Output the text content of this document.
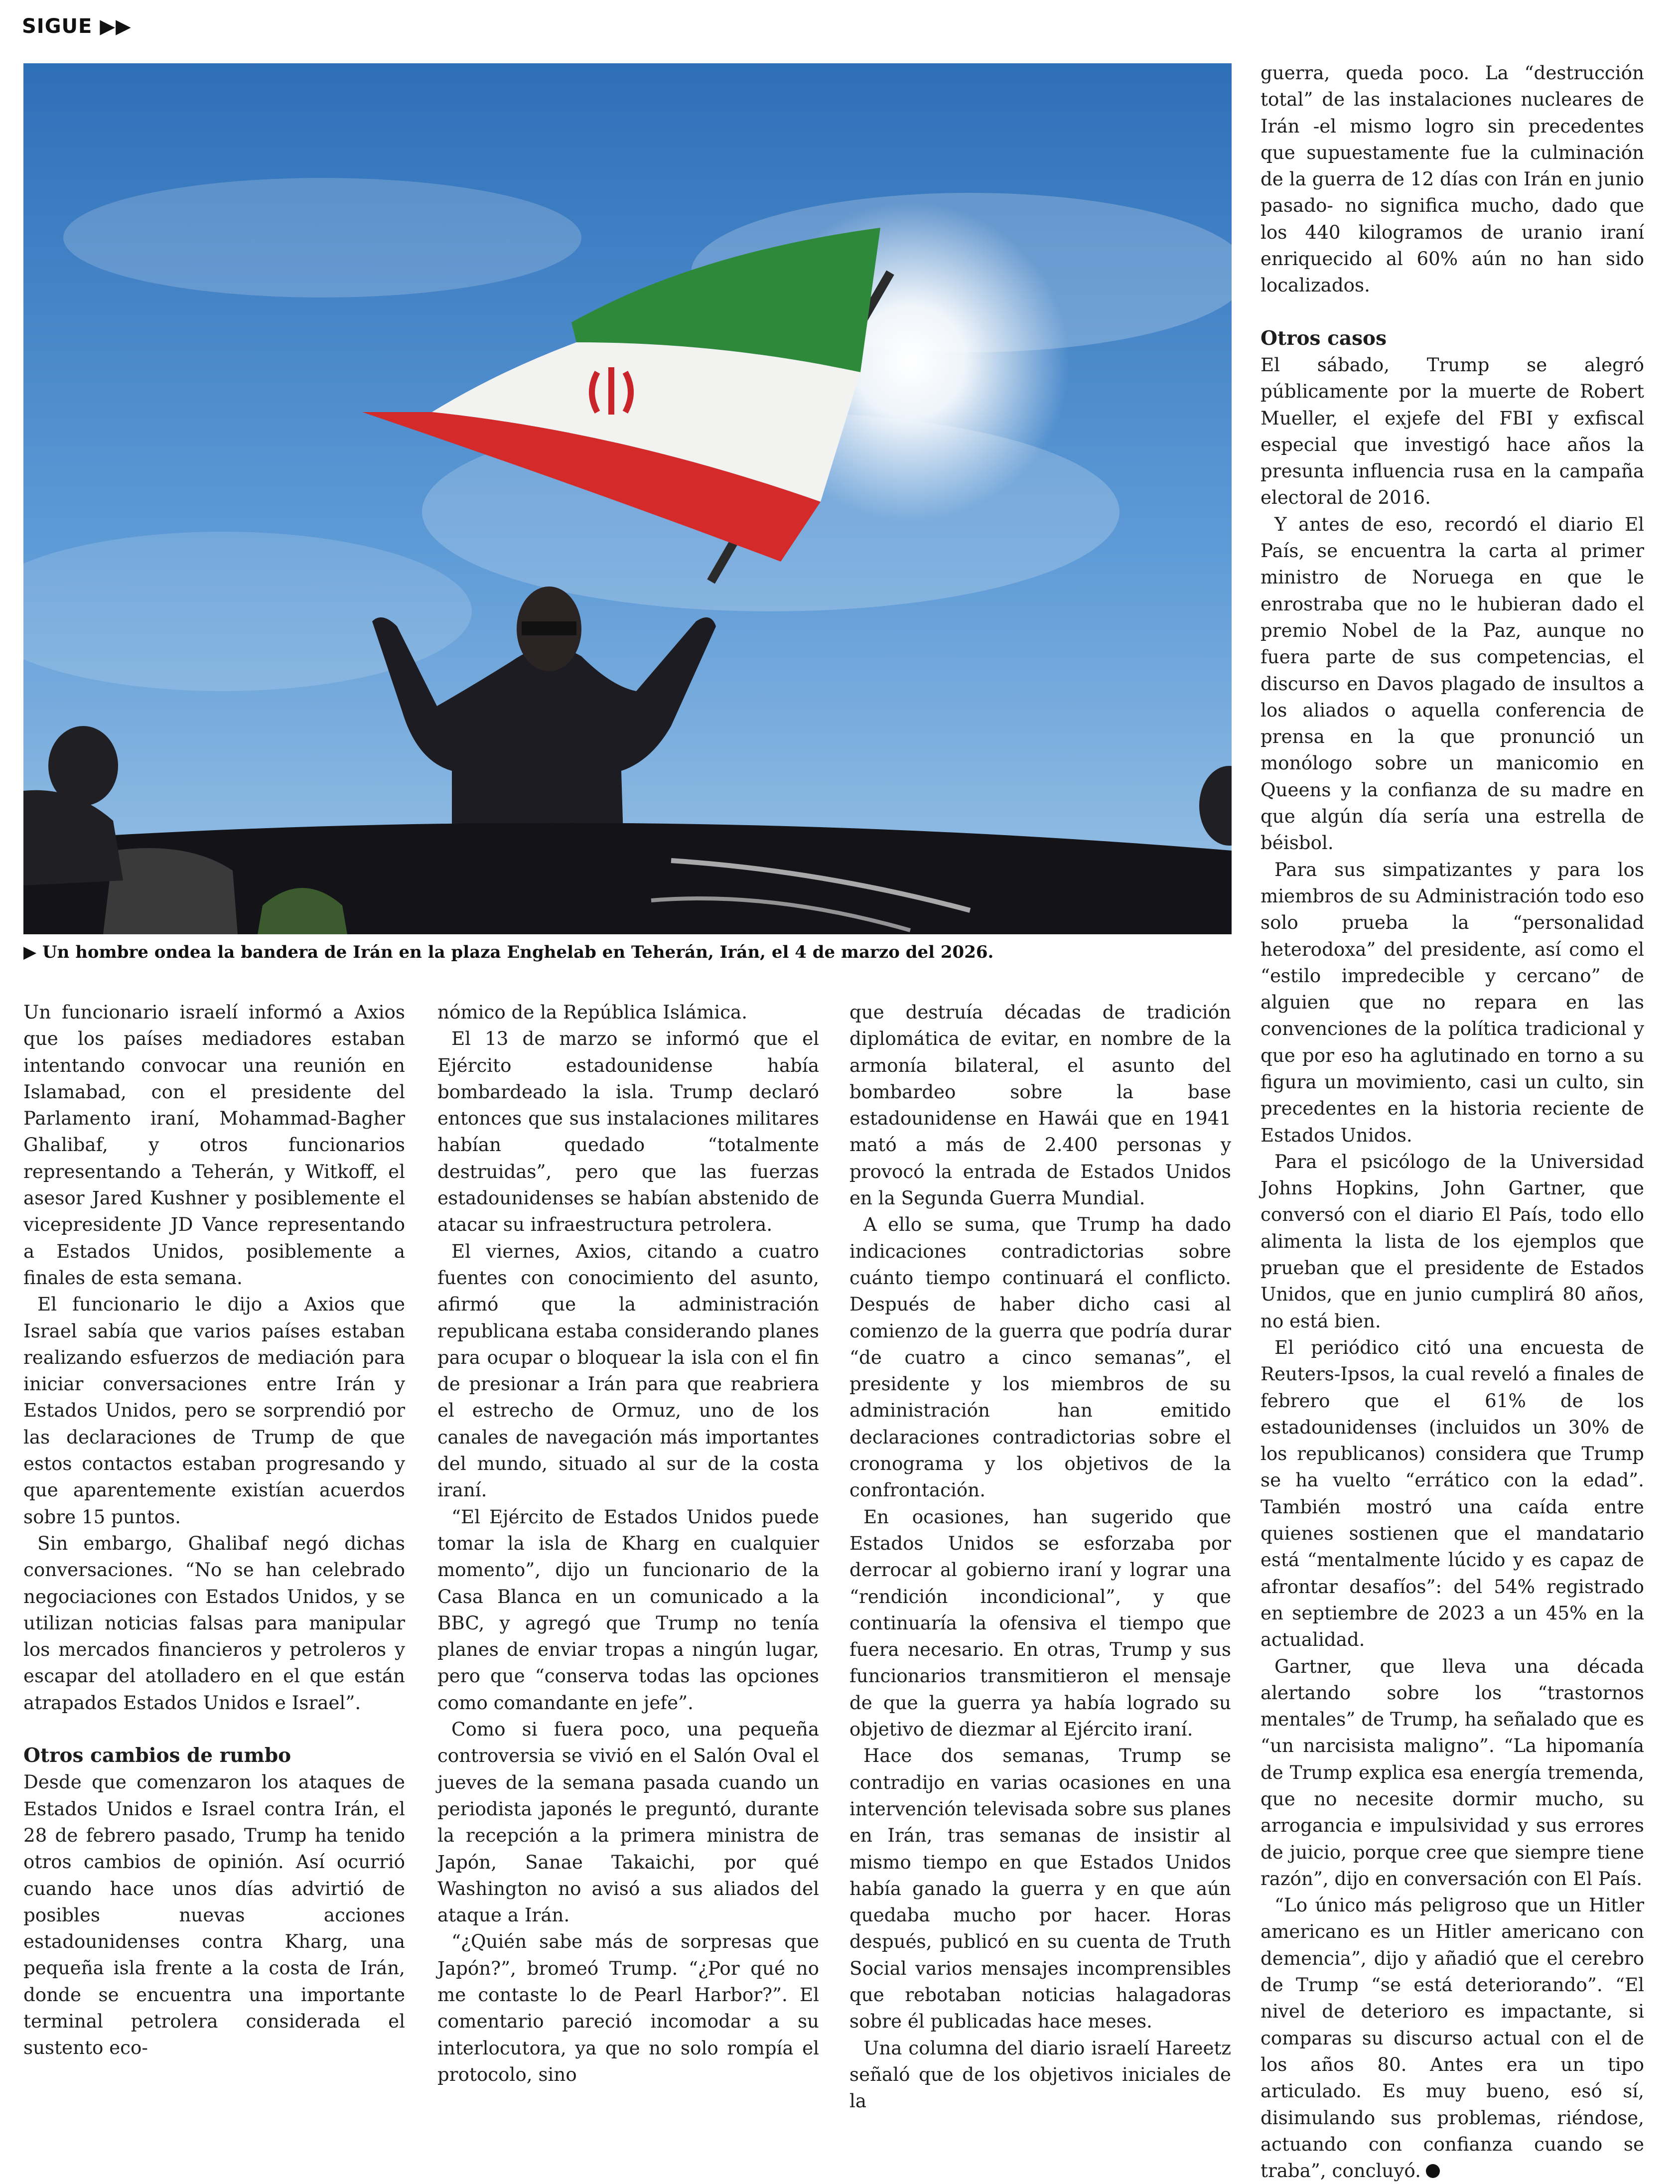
SIGUE ▶▶
▶ Un hombre ondea la bandera de Irán en la plaza Enghelab en Teherán, Irán, el 4 de marzo del 2026.

Un funcionario israelí informó a Axios que los países mediadores estaban intentando convocar una reunión en Islamabad, con el presidente del Parlamento iraní, Mohammad-Bagher Ghalibaf, y otros funcionarios representando a Teherán, y Witkoff, el asesor Jared Kushner y posiblemente el vicepresidente JD Vance representando a Estados Unidos, posiblemente a finales de esta semana.

El funcionario le dijo a Axios que Israel sabía que varios países estaban realizando esfuerzos de mediación para iniciar conversaciones entre Irán y Estados Unidos, pero se sorprendió por las declaraciones de Trump de que estos contactos estaban progresando y que aparentemente existían acuerdos sobre 15 puntos.

Sin embargo, Ghalibaf negó dichas conversaciones. “No se han celebrado negociaciones con Estados Unidos, y se utilizan noticias falsas para manipular los mercados financieros y petroleros y escapar del atolladero en el que están atrapados Estados Unidos e Israel”.

Otros cambios de rumbo

Desde que comenzaron los ataques de Estados Unidos e Israel contra Irán, el 28 de febrero pasado, Trump ha tenido otros cambios de opinión. Así ocurrió cuando hace unos días advirtió de posibles nuevas acciones estadounidenses contra Kharg, una pequeña isla frente a la costa de Irán, donde se encuentra una importante terminal petrolera considerada el sustento eco-

nómico de la República Islámica.

El 13 de marzo se informó que el Ejército estadounidense había bombardeado la isla. Trump declaró entonces que sus instalaciones militares habían quedado “totalmente destruidas”, pero que las fuerzas estadounidenses se habían abstenido de atacar su infraestructura petrolera.

El viernes, Axios, citando a cuatro fuentes con conocimiento del asunto, afirmó que la administración republicana estaba considerando planes para ocupar o bloquear la isla con el fin de presionar a Irán para que reabriera el estrecho de Ormuz, uno de los canales de navegación más importantes del mundo, situado al sur de la costa iraní.

“El Ejército de Estados Unidos puede tomar la isla de Kharg en cualquier momento”, dijo un funcionario de la Casa Blanca en un comunicado a la BBC, y agregó que Trump no tenía planes de enviar tropas a ningún lugar, pero que “conserva todas las opciones como comandante en jefe”.

Como si fuera poco, una pequeña controversia se vivió en el Salón Oval el jueves de la semana pasada cuando un periodista japonés le preguntó, durante la recepción a la primera ministra de Japón, Sanae Takaichi, por qué Washington no avisó a sus aliados del ataque a Irán.

“¿Quién sabe más de sorpresas que Japón?”, bromeó Trump. “¿Por qué no me contaste lo de Pearl Harbor?”. El comentario pareció incomodar a su interlocutora, ya que no solo rompía el protocolo, sino

que destruía décadas de tradición diplomática de evitar, en nombre de la armonía bilateral, el asunto del bombardeo sobre la base estadounidense en Hawái que en 1941 mató a más de 2.400 personas y provocó la entrada de Estados Unidos en la Segunda Guerra Mundial.

A ello se suma, que Trump ha dado indicaciones contradictorias sobre cuánto tiempo continuará el conflicto. Después de haber dicho casi al comienzo de la guerra que podría durar “de cuatro a cinco semanas”, el presidente y los miembros de su administración han emitido declaraciones contradictorias sobre el cronograma y los objetivos de la confrontación.

En ocasiones, han sugerido que Estados Unidos se esforzaba por derrocar al gobierno iraní y lograr una “rendición incondicional”, y que continuaría la ofensiva el tiempo que fuera necesario. En otras, Trump y sus funcionarios transmitieron el mensaje de que la guerra ya había logrado su objetivo de diezmar al Ejército iraní.

Hace dos semanas, Trump se contradijo en varias ocasiones en una intervención televisada sobre sus planes en Irán, tras semanas de insistir al mismo tiempo en que Estados Unidos había ganado la guerra y en que aún quedaba mucho por hacer. Horas después, publicó en su cuenta de Truth Social varios mensajes incomprensibles que rebotaban noticias halagadoras sobre él publicadas hace meses.

Una columna del diario israelí Hareetz señaló que de los objetivos iniciales de la

guerra, queda poco. La “destrucción total” de las instalaciones nucleares de Irán -el mismo logro sin precedentes que supuestamente fue la culminación de la guerra de 12 días con Irán en junio pasado- no significa mucho, dado que los 440 kilogramos de uranio iraní enriquecido al 60% aún no han sido localizados.

Otros casos

El sábado, Trump se alegró públicamente por la muerte de Robert Mueller, el exjefe del FBI y exfiscal especial que investigó hace años la presunta influencia rusa en la campaña electoral de 2016.

Y antes de eso, recordó el diario El País, se encuentra la carta al primer ministro de Noruega en que le enrostraba que no le hubieran dado el premio Nobel de la Paz, aunque no fuera parte de sus competencias, el discurso en Davos plagado de insultos a los aliados o aquella conferencia de prensa en la que pronunció un monólogo sobre un manicomio en Queens y la confianza de su madre en que algún día sería una estrella de béisbol.

Para sus simpatizantes y para los miembros de su Administración todo eso solo prueba la “personalidad heterodoxa” del presidente, así como el “estilo impredecible y cercano” de alguien que no repara en las convenciones de la política tradicional y que por eso ha aglutinado en torno a su figura un movimiento, casi un culto, sin precedentes en la historia reciente de Estados Unidos.

Para el psicólogo de la Universidad Johns Hopkins, John Gartner, que conversó con el diario El País, todo ello alimenta la lista de los ejemplos que prueban que el presidente de Estados Unidos, que en junio cumplirá 80 años, no está bien.

El periódico citó una encuesta de Reuters-Ipsos, la cual reveló a finales de febrero que el 61% de los estadounidenses (incluidos un 30% de los republicanos) considera que Trump se ha vuelto “errático con la edad”. También mostró una caída entre quienes sostienen que el mandatario está “mentalmente lúcido y es capaz de afrontar desafíos”: del 54% registrado en septiembre de 2023 a un 45% en la actualidad.

Gartner, que lleva una década alertando sobre los “trastornos mentales” de Trump, ha señalado que es “un narcisista maligno”. “La hipomanía de Trump explica esa energía tremenda, que no necesite dormir mucho, su arrogancia e impulsividad y sus errores de juicio, porque cree que siempre tiene razón”, dijo en conversación con El País.

“Lo único más peligroso que un Hitler americano es un Hitler americano con demencia”, dijo y añadió que el cerebro de Trump “se está deteriorando”. “El nivel de deterioro es impactante, si comparas su discurso actual con el de los años 80. Antes era un tipo articulado. Es muy bueno, esó sí, disimulando sus problemas, riéndose, actuando con confianza cuando se traba”, concluyó.
